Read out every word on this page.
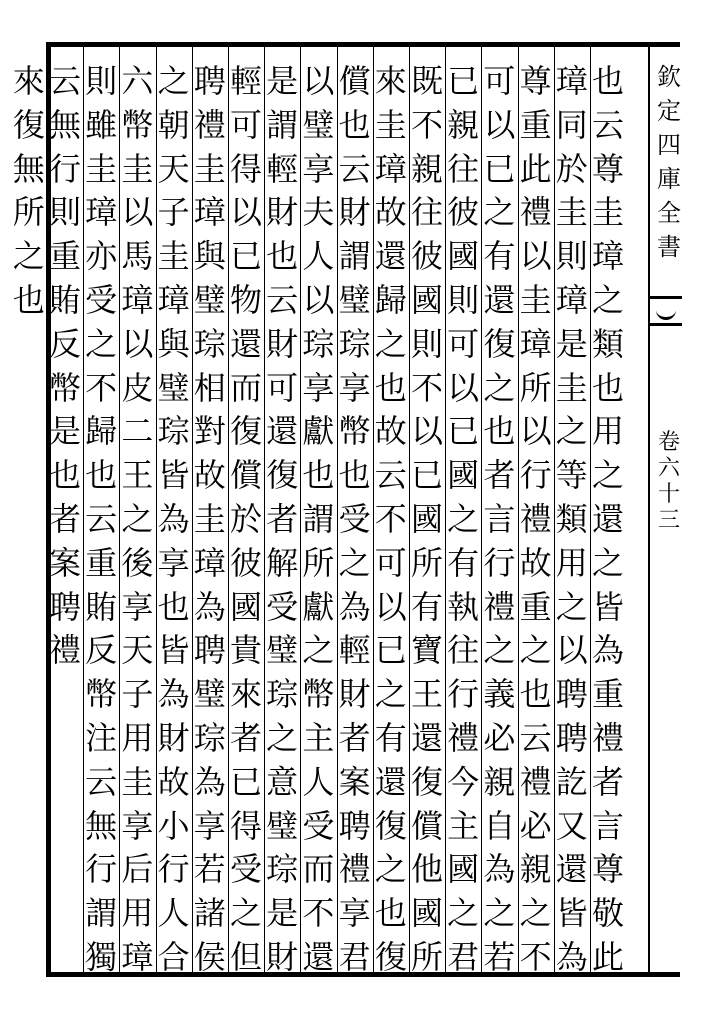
欽
定
四
庫
全
書
卷
六
十
三
也
云
尊
圭
璋
之
類
也
用
之
還
之
皆
為
重
禮
者
言
尊
敬
此
璋
同
於
圭
則
璋
是
圭
之
等
類
用
之
以
聘
聘
訖
又
還
皆
為
尊
重
此
禮
以
圭
璋
所
以
行
禮
故
重
之
也
云
禮
必
親
之
不
可
以
已
之
有
還
復
之
也
者
言
行
禮
之
義
必
親
自
為
之
若
已
親
往
彼
國
則
可
以
已
國
之
有
執
往
行
禮
今
主
國
之
君
既
不
親
往
彼
國
則
不
以
已
國
所
有
寶
王
還
復
償
他
國
所
來
圭
璋
故
還
歸
之
也
故
云
不
可
以
已
之
有
還
復
之
也
復
償
也
云
財
謂
璧
琮
享
幣
也
受
之
為
輕
財
者
案
聘
禮
享
君
以
璧
享
夫
人
以
琮
享
獻
也
謂
所
獻
之
幣
主
人
受
而
不
還
是
謂
輕
財
也
云
財
可
還
復
者
解
受
璧
琮
之
意
璧
琮
是
財
輕
可
得
以
已
物
還
而
復
償
於
彼
國
貴
來
者
已
得
受
之
但
聘
禮
圭
璋
與
璧
琮
相
對
故
圭
璋
為
聘
璧
琮
為
享
若
諸
侯
之
朝
天
子
圭
璋
與
璧
琮
皆
為
享
也
皆
為
財
故
小
行
人
合
六
幣
圭
以
馬
璋
以
皮
二
王
之
後
享
天
子
用
圭
享
后
用
璋
則
雖
圭
璋
亦
受
之
不
歸
也
云
重
賄
反
幣
注
云
無
行
謂
獨
云
無
行
則
重
賄
反
幣
是
也
者
案
聘
禮
來
復
無
所
之
也
